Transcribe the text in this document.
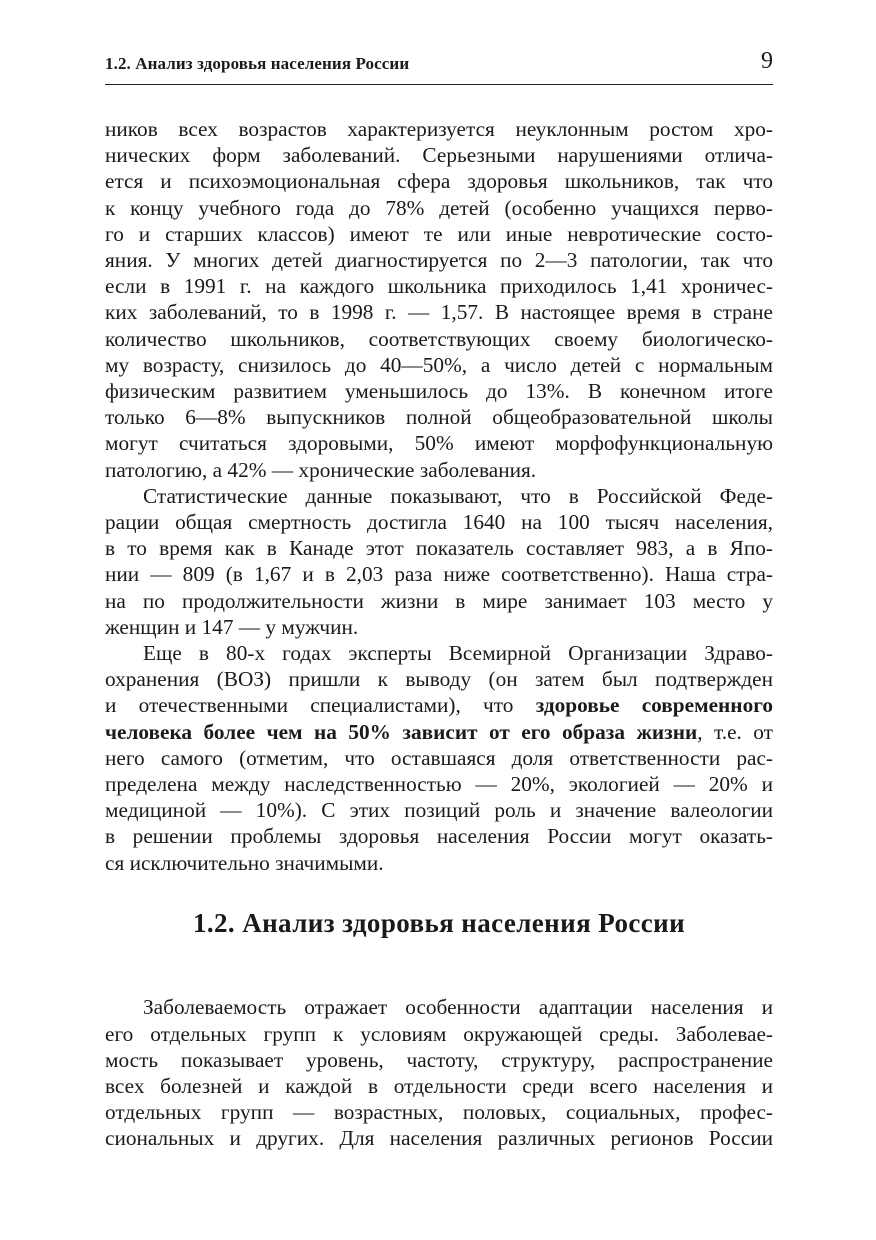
1.2. Анализ здоровья населения России	9

ников всех возрастов характеризуется неуклонным ростом хро-
нических форм заболеваний. Серьезными нарушениями отлича-
ется и психоэмоциональная сфера здоровья школьников, так что
к концу учебного года до 78% детей (особенно учащихся перво-
го и старших классов) имеют те или иные невротические состо-
яния. У многих детей диагностируется по 2—3 патологии, так что
если в 1991 г. на каждого школьника приходилось 1,41 хроничес-
ких заболеваний, то в 1998 г. — 1,57. В настоящее время в стране
количество школьников, соответствующих своему биологическо-
му возрасту, снизилось до 40—50%, а число детей с нормальным
физическим развитием уменьшилось до 13%. В конечном итоге
только 6—8% выпускников полной общеобразовательной школы
могут считаться здоровыми, 50% имеют морфофункциональную
патологию, а 42% — хронические заболевания.

Статистические данные показывают, что в Российской Феде-
рации общая смертность достигла 1640 на 100 тысяч населения,
в то время как в Канаде этот показатель составляет 983, а в Япо-
нии — 809 (в 1,67 и в 2,03 раза ниже соответственно). Наша стра-
на по продолжительности жизни в мире занимает 103 место у
женщин и 147 — у мужчин.

Еще в 80-х годах эксперты Всемирной Организации Здраво-
охранения (ВОЗ) пришли к выводу (он затем был подтвержден
и отечественными специалистами), что здоровье современного
человека более чем на 50% зависит от его образа жизни, т.е. от
него самого (отметим, что оставшаяся доля ответственности рас-
пределена между наследственностью — 20%, экологией — 20% и
медициной — 10%). С этих позиций роль и значение валеологии
в решении проблемы здоровья населения России могут оказать-
ся исключительно значимыми.

1.2. Анализ здоровья населения России

Заболеваемость отражает особенности адаптации населения и
его отдельных групп к условиям окружающей среды. Заболевае-
мость показывает уровень, частоту, структуру, распространение
всех болезней и каждой в отдельности среди всего населения и
отдельных групп — возрастных, половых, социальных, профес-
сиональных и других. Для населения различных регионов России
